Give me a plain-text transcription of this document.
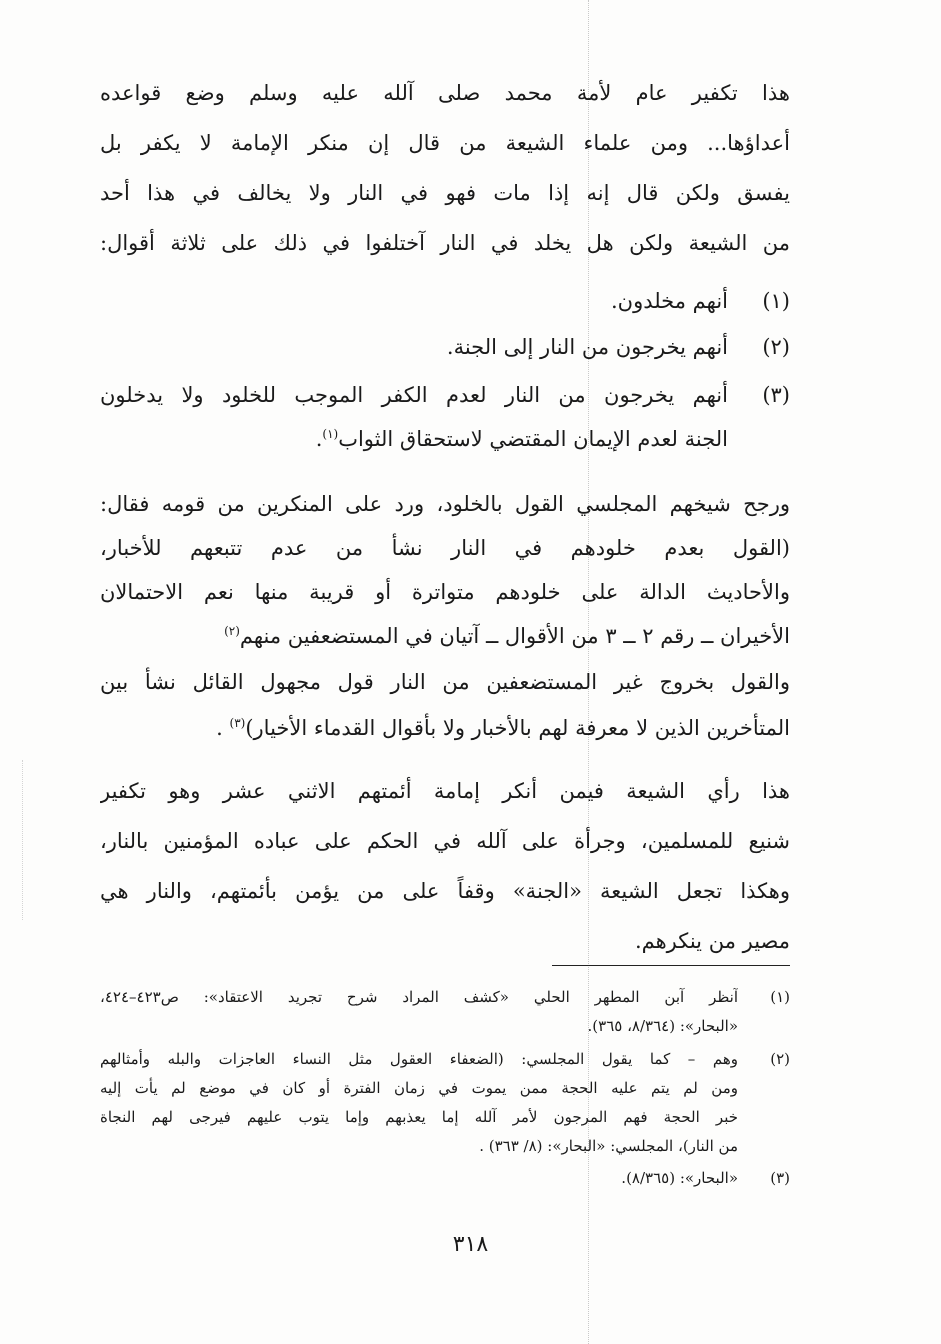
هذا تكفير عام لأمة محمد صلى آلله عليه وسلم وضع قواعده
أعداؤها... ومن علماء الشيعة من قال إن منكر الإمامة لا يكفر بل
يفسق ولكن قال إنه إذا مات فهو في النار ولا يخالف في هذا أحد
من الشيعة ولكن هل يخلد في النار آختلفوا في ذلك على ثلاثة أقوال:
(١)
أنهم مخلدون.
(٢)
أنهم يخرجون من النار إلى الجنة.
(٣)
أنهم يخرجون من النار لعدم الكفر الموجب للخلود ولا يدخلون
الجنة لعدم الإيمان المقتضي لاستحقاق الثواب$^{(١)}$.
ورجح شيخهم المجلسي القول بالخلود، ورد على المنكرين من قومه فقال:
(القول بعدم خلودهم في النار نشأ من عدم تتبعهم للأخبار،
والأحاديث الدالة على خلودهم متواترة أو قريبة منها نعم الاحتمالان
الأخيران ــ رقم ٢ ــ ٣ من الأقوال ــ آتيان في المستضعفين منهم$^{(٢)}$
والقول بخروج غير المستضعفين من النار قول مجهول القائل نشأ بين
المتأخرين الذين لا معرفة لهم بالأخبار ولا بأقوال القدماء الأخيار)$^{(٣)}$ .
هذا رأي الشيعة فيمن أنكر إمامة أئمتهم الاثني عشر وهو تكفير
شنيع للمسلمين، وجرأة على آلله في الحكم على عباده المؤمنين بالنار،
وهكذا تجعل الشيعة «الجنة» وقفاً على من يؤمن بأئمتهم، والنار هي
مصير من ينكرهم.
(١)
آنظر آبن المطهر الحلي «كشف المراد شرح تجريد الاعتقاد»: ص٤٢٣–٤٢٤،
«البحار»: (٨/٣٦٤، ٣٦٥).
(٢)
وهم – كما يقول المجلسي: (الضعفاء العقول مثل النساء العاجزات والبله وأمثالهم
ومن لم يتم عليه الحجة ممن يموت في زمان الفترة أو كان في موضع لم يأت إليه
خبر الحجة فهم المرجون لأمر آلله إما يعذبهم وإما يتوب عليهم فيرجى لهم النجاة
من النار)، المجلسي: «البحار»: (٨/ ٣٦٣) .
(٣)
«البحار»: (٨/٣٦٥).
٣١٨
